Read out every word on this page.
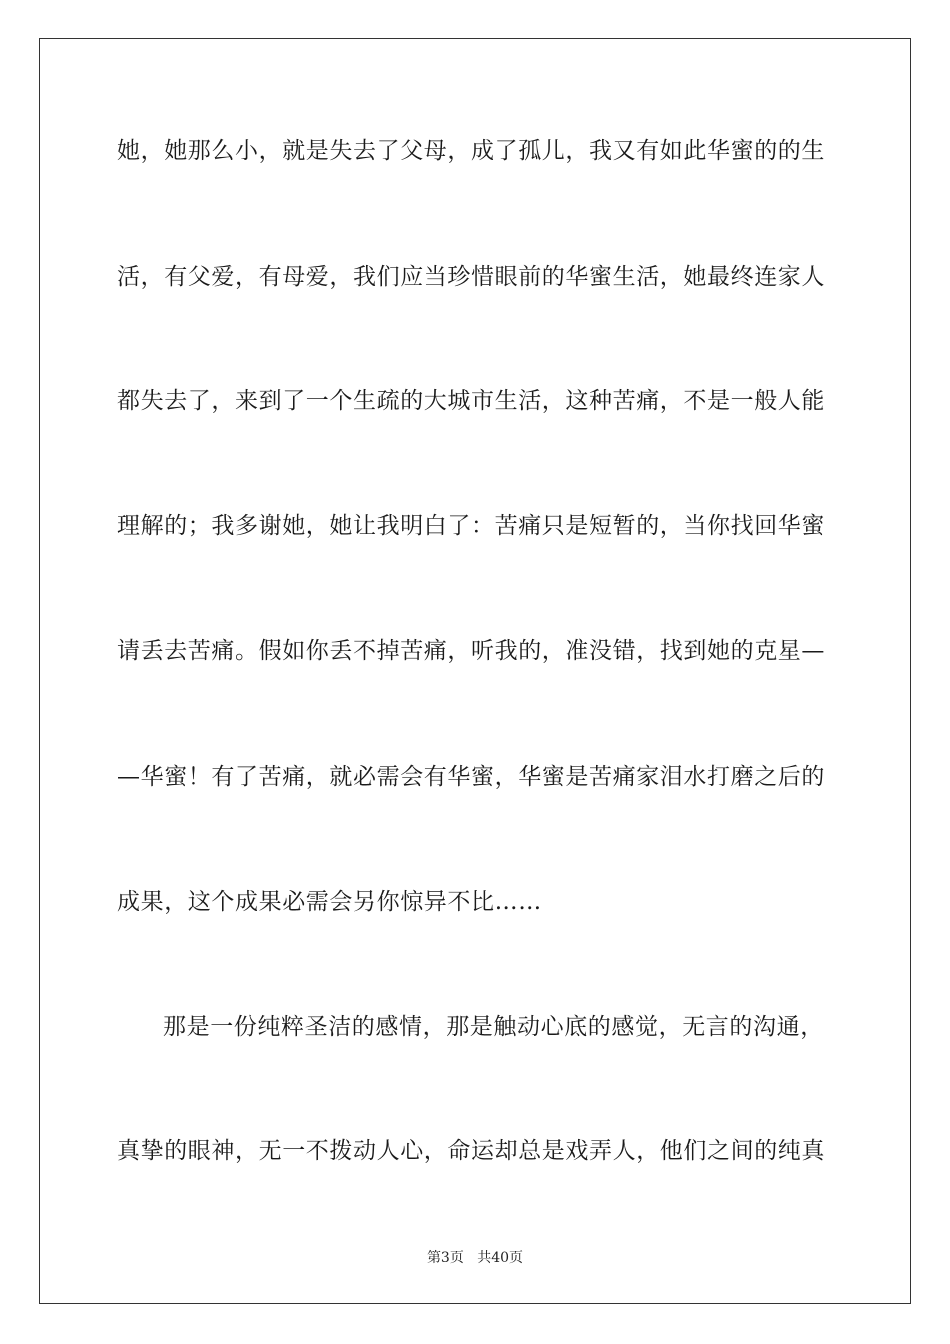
她，她那么小，就是失去了父母，成了孤儿，我又有如此华蜜的的生
活，有父爱，有母爱，我们应当珍惜眼前的华蜜生活，她最终连家人
都失去了，来到了一个生疏的大城市生活，这种苦痛，不是一般人能
理解的；我多谢她，她让我明白了：苦痛只是短暂的，当你找回华蜜
请丢去苦痛。假如你丢不掉苦痛，听我的，准没错，找到她的克星—
—华蜜！有了苦痛，就必需会有华蜜，华蜜是苦痛家泪水打磨之后的
成果，这个成果必需会另你惊异不比……
那是一份纯粹圣洁的感情，那是触动心底的感觉，无言的沟通，
真挚的眼神，无一不拨动人心，命运却总是戏弄人，他们之间的纯真
第3页 共40页
